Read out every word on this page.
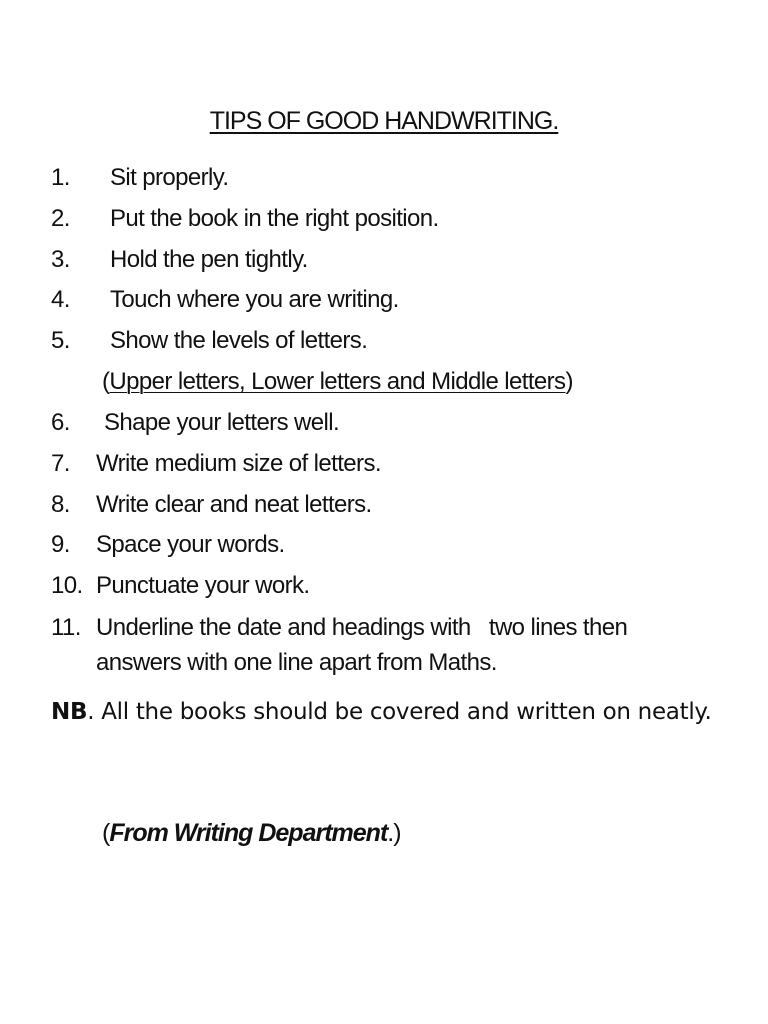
TIPS OF GOOD HANDWRITING.
1. Sit properly.
2. Put the book in the right position.
3. Hold the pen tightly.
4. Touch where you are writing.
5. Show the levels of letters.
(Upper letters, Lower letters and Middle letters)
6. Shape your letters well.
7. Write medium size of letters.
8. Write clear and neat letters.
9. Space your words.
10. Punctuate your work.
11. Underline the date and headings with   two lines then
answers with one line apart from Maths.

NB. All the books should be covered and written on neatly.

(From Writing Department.)
